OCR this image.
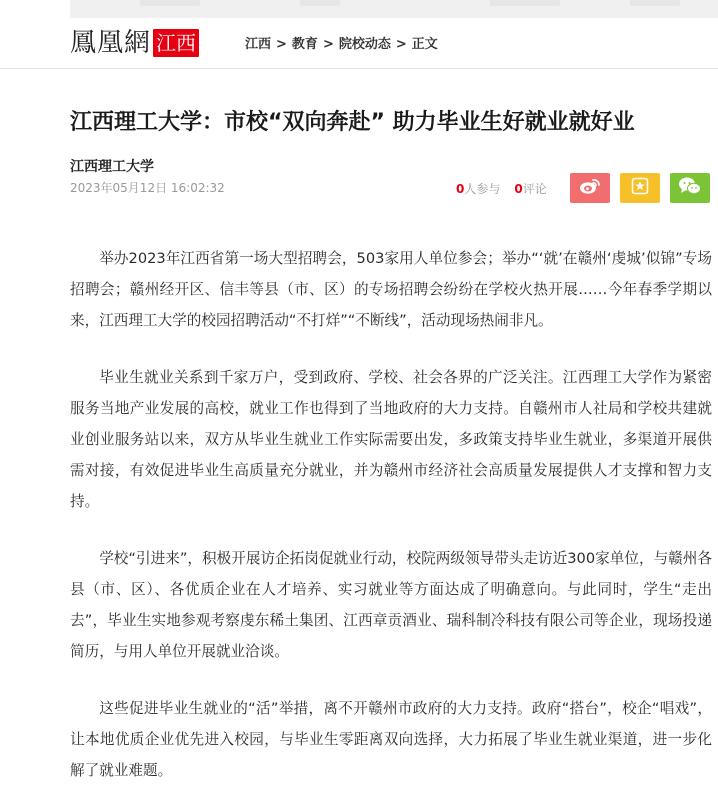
鳳凰網 江西	江西 > 教育 > 院校动态 > 正文
江西理工大学：市校“双向奔赴” 助力毕业生好就业就好业
江西理工大学
2023年05月12日 16:02:32	0人参与 0评论

举办2023年江西省第一场大型招聘会，503家用人单位参会；举办“‘就’在赣州‘虔城’似锦”专场招聘会；赣州经开区、信丰等县（市、区）的专场招聘会纷纷在学校火热开展……今年春季学期以来，江西理工大学的校园招聘活动“不打烊”“不断线”，活动现场热闹非凡。

毕业生就业关系到千家万户，受到政府、学校、社会各界的广泛关注。江西理工大学作为紧密服务当地产业发展的高校，就业工作也得到了当地政府的大力支持。自赣州市人社局和学校共建就业创业服务站以来，双方从毕业生就业工作实际需要出发，多政策支持毕业生就业，多渠道开展供需对接，有效促进毕业生高质量充分就业，并为赣州市经济社会高质量发展提供人才支撑和智力支持。

学校“引进来”，积极开展访企拓岗促就业行动，校院两级领导带头走访近300家单位，与赣州各县（市、区）、各优质企业在人才培养、实习就业等方面达成了明确意向。与此同时，学生“走出去”，毕业生实地参观考察虔东稀土集团、江西章贡酒业、瑞科制冷科技有限公司等企业，现场投递简历，与用人单位开展就业洽谈。

这些促进毕业生就业的“活”举措，离不开赣州市政府的大力支持。政府“搭台”，校企“唱戏”，让本地优质企业优先进入校园，与毕业生零距离双向选择，大力拓展了毕业生就业渠道，进一步化解了就业难题。
